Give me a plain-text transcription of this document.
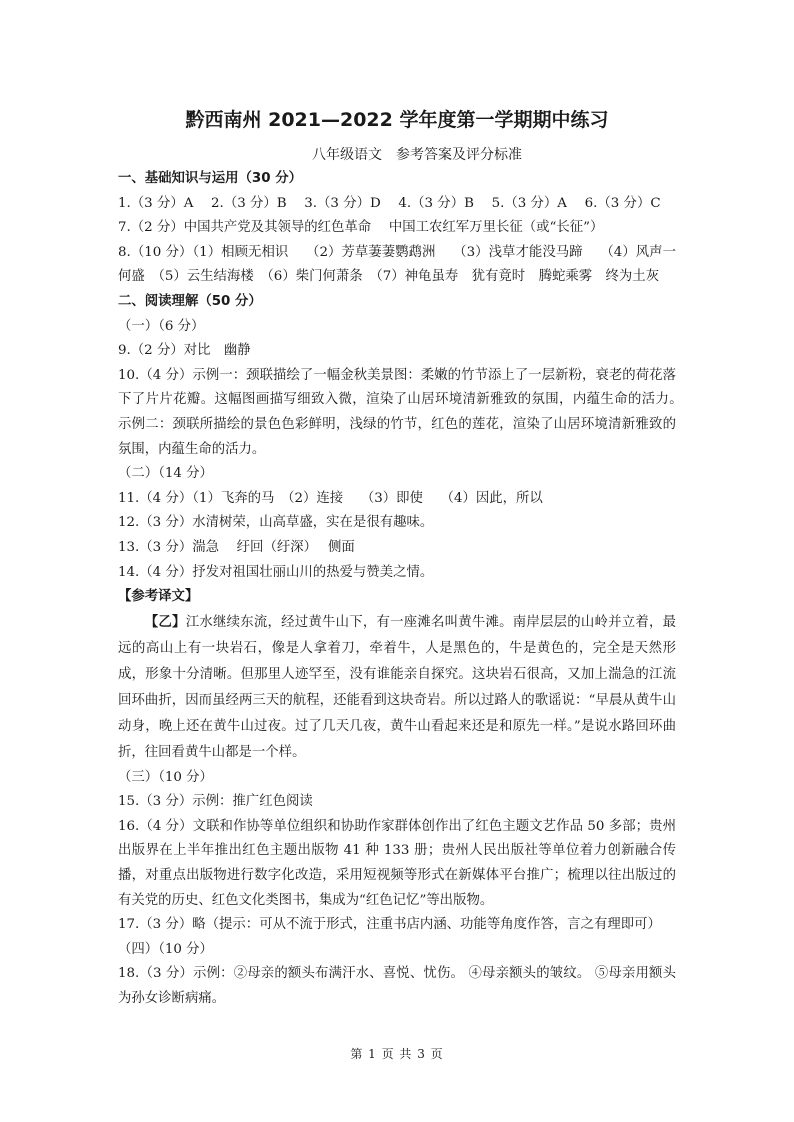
黔西南州 2021—2022 学年度第一学期期中练习

八年级语文　参考答案及评分标准

一、基础知识与运用（30 分）

1.（3 分）A　 2.（3 分）B　 3.（3 分）D　 4.（3 分）B　 5.（3 分）A　 6.（3 分）C

7.（2 分）中国共产党及其领导的红色革命　 中国工农红军万里长征（或“长征”）

8.（10 分）（1）相顾无相识　 （2）芳草萋萋鹦鹉洲　 （3）浅草才能没马蹄　 （4）风声一何盛　（5）云生结海楼　（6）柴门何萧条　（7）神龟虽寿　犹有竟时　腾蛇乘雾　终为土灰

二、阅读理解（50 分）

（一）（6 分）

9.（2 分）对比　幽静

10.（4 分）示例一：颈联描绘了一幅金秋美景图：柔嫩的竹节添上了一层新粉，衰老的荷花落下了片片花瓣。这幅图画描写细致入微，渲染了山居环境清新雅致的氛围，内蕴生命的活力。　示例二：颈联所描绘的景色色彩鲜明，浅绿的竹节，红色的莲花，渲染了山居环境清新雅致的氛围，内蕴生命的活力。

（二）（14 分）

11.（4 分）（1）飞奔的马　（2）连接　 （3）即使　 （4）因此，所以

12.（3 分）水清树荣，山高草盛，实在是很有趣味。

13.（3 分）湍急　 纡回（纡深）　 侧面

14.（4 分）抒发对祖国壮丽山川的热爱与赞美之情。

【参考译文】

【乙】江水继续东流，经过黄牛山下，有一座滩名叫黄牛滩。南岸层层的山岭并立着，最远的高山上有一块岩石，像是人拿着刀，牵着牛，人是黑色的，牛是黄色的，完全是天然形成，形象十分清晰。但那里人迹罕至，没有谁能亲自探究。这块岩石很高，又加上湍急的江流回环曲折，因而虽经两三天的航程，还能看到这块奇岩。所以过路人的歌谣说：“早晨从黄牛山动身，晚上还在黄牛山过夜。过了几天几夜，黄牛山看起来还是和原先一样。”是说水路回环曲折，往回看黄牛山都是一个样。

（三）（10 分）

15.（3 分）示例：推广红色阅读

16.（4 分）文联和作协等单位组织和协助作家群体创作出了红色主题文艺作品 50 多部；贵州出版界在上半年推出红色主题出版物 41 种 133 册；贵州人民出版社等单位着力创新融合传播，对重点出版物进行数字化改造，采用短视频等形式在新媒体平台推广；梳理以往出版过的有关党的历史、红色文化类图书，集成为“红色记忆”等出版物。

17.（3 分）略（提示：可从不流于形式，注重书店内涵、功能等角度作答，言之有理即可）

（四）（10 分）

18.（3 分）示例：②母亲的额头布满汗水、喜悦、忧伤。 ④母亲额头的皱纹。 ⑤母亲用额头为孙女诊断病痛。

第 1 页 共 3 页
